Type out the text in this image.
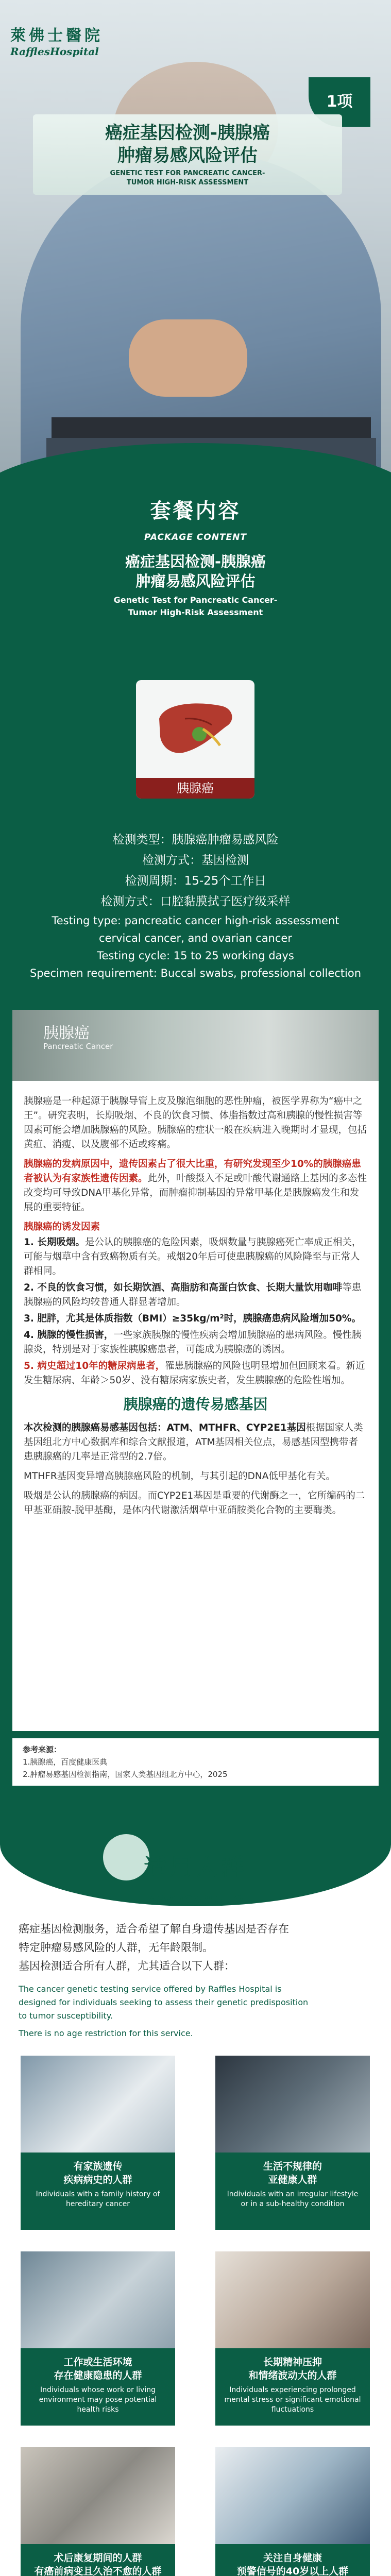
萊佛士醫院
RafflesHospital
1项
癌症基因检测-胰腺癌
肿瘤易感风险评估
GENETIC TEST FOR PANCREATIC CANCER-
TUMOR HIGH-RISK ASSESSMENT
套餐内容
PACKAGE CONTENT
癌症基因检测-胰腺癌
肿瘤易感风险评估
Genetic Test for Pancreatic Cancer-
Tumor High-Risk Assessment
胰腺癌
检测类型：胰腺癌肿瘤易感风险
检测方式：基因检测
检测周期：15-25个工作日
检测方式：口腔黏膜拭子医疗级采样
Testing type: pancreatic cancer high-risk assessment
cervical cancer, and ovarian cancer
Testing cycle: 15 to 25 working days
Specimen requirement: Buccal swabs, professional collection
胰腺癌
Pancreatic Cancer

胰腺癌是一种起源于胰腺导管上皮及腺泡细胞的恶性肿瘤，被医学界称为“癌中之王”。研究表明，长期吸烟、不良的饮食习惯、体脂指数过高和胰腺的慢性损害等因素可能会增加胰腺癌的风险。胰腺癌的症状一般在疾病进入晚期时才显现，包括黄疸、消瘦、以及腹部不适或疼痛。

胰腺癌的发病原因中，遗传因素占了很大比重，有研究发现至少10%的胰腺癌患者被认为有家族性遗传因素。此外，叶酸摄入不足或叶酸代谢通路上基因的多态性改变均可导致DNA甲基化异常，而肿瘤抑制基因的异常甲基化是胰腺癌发生和发展的重要特征。

胰腺癌的诱发因素

1. 长期吸烟。是公认的胰腺癌的危险因素，吸烟数量与胰腺癌死亡率成正相关，可能与烟草中含有致癌物质有关。戒烟20年后可使患胰腺癌的风险降至与正常人群相同。

2. 不良的饮食习惯，如长期饮酒、高脂肪和高蛋白饮食、长期大量饮用咖啡等患胰腺癌的风险均较普通人群显著增加。

3. 肥胖，尤其是体质指数（BMI）≥35kg/m²时，胰腺癌患病风险增加50%。

4. 胰腺的慢性损害，一些家族胰腺的慢性疾病会增加胰腺癌的患病风险。慢性胰腺炎，特别是对于家族性胰腺癌患者，可能成为胰腺癌的诱因。

5. 病史超过10年的糖尿病患者，罹患胰腺癌的风险也明显增加但回顾来看。新近发生糖尿病、年龄＞50岁、没有糖尿病家族史者，发生胰腺癌的危险性增加。

胰腺癌的遗传易感基因

本次检测的胰腺癌易感基因包括：ATM、MTHFR、CYP2E1基因根据国家人类基因组北方中心数据库和综合文献报道，ATM基因相关位点，易感基因型携带者患胰腺癌的几率是正常型的2.7倍。

MTHFR基因变异增高胰腺癌风险的机制，与其引起的DNA低甲基化有关。

吸烟是公认的胰腺癌的病因。而CYP2E1基因是重要的代谢酶之一，它所编码的二甲基亚硝胺-脱甲基酶，是体内代谢激活烟草中亚硝胺类化合物的主要酶类。

参考来源：
1.胰腺癌，百度健康医典
2.肿瘤易感基因检测指南，国家人类基因组北方中心，2025
适用人群
APPLICABLE TO
癌症基因检测服务，适合希望了解自身遗传基因是否存在
特定肿瘤易感风险的人群，无年龄限制。
基因检测适合所有人群，尤其适合以下人群：
The cancer genetic testing service offered by Raffles Hospital is
designed for individuals seeking to assess their genetic predisposition
to tumor susceptibility.
There is no age restriction for this service.
有家族遗传
疾病病史的人群
Individuals with a family history of hereditary cancer
生活不规律的
亚健康人群
Individuals with an irregular lifestyle or in a sub-healthy condition
工作或生活环境
存在健康隐患的人群
Individuals whose work or living environment may pose potential health risks
长期精神压抑
和情绪波动大的人群
Individuals experiencing prolonged mental stress or significant emotional fluctuations
术后康复期间的人群
有癌前病变且久治不愈的人群
关注自身健康
预警信号的40岁以上人群
